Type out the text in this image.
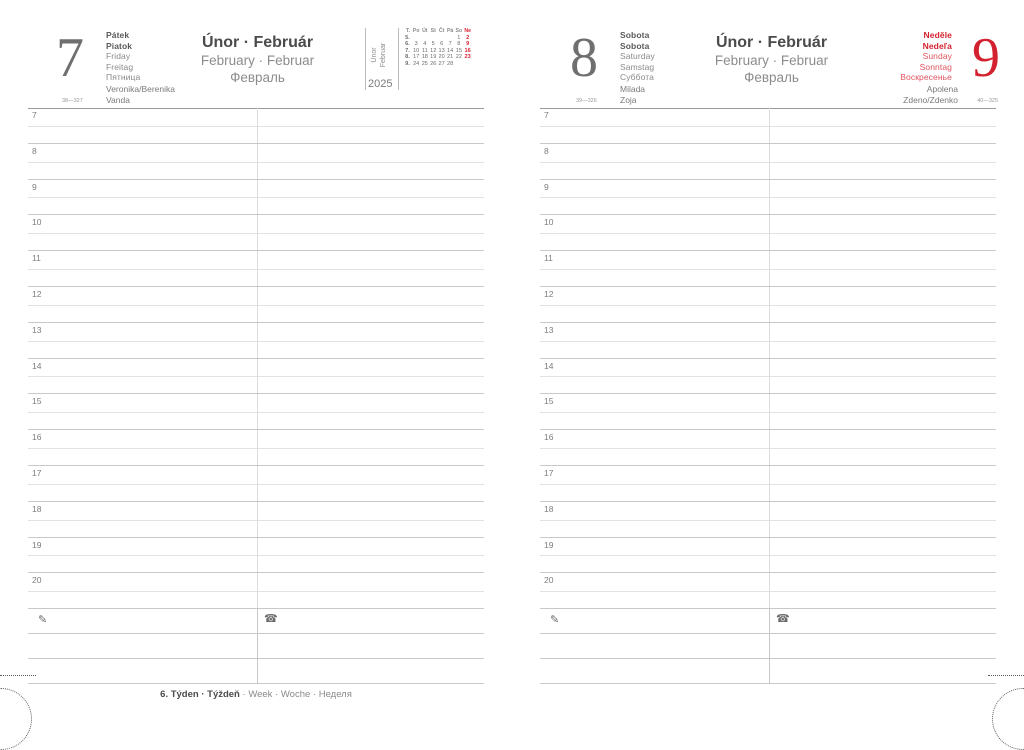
7
38—327
Pátek
Piatok
Friday
Freitag
Пятница
Únor · Február
February · Februar
Февраль
Únor Februar
2025
T.	Po	Út	St	Čt	Pá	So	Ne
5.						1	2
6.	3	4	5	6	7	8	9
7.	10	11	12	13	14	15	16
8.	17	18	19	20	21	22	23
9.	24	25	26	27	28		
Veronika/Berenika
Vanda
7
8
9
10
11
12
13
14
15
16
17
18
19
20
✎	☎
6. Týden · Týždeň · Week · Woche · Неделя
8
39—326
Sobota
Sobota
Saturday
Samstag
Суббота
Únor · Február
February · Februar
Февраль
Neděle
Nedeľa
Sunday
Sonntag
Воскресенье 9
40—325
Milada
Zoja
Apolena
Zdeno/Zdenko
7
8
9
10
11
12
13
14
15
16
17
18
19
20
✎	☎
